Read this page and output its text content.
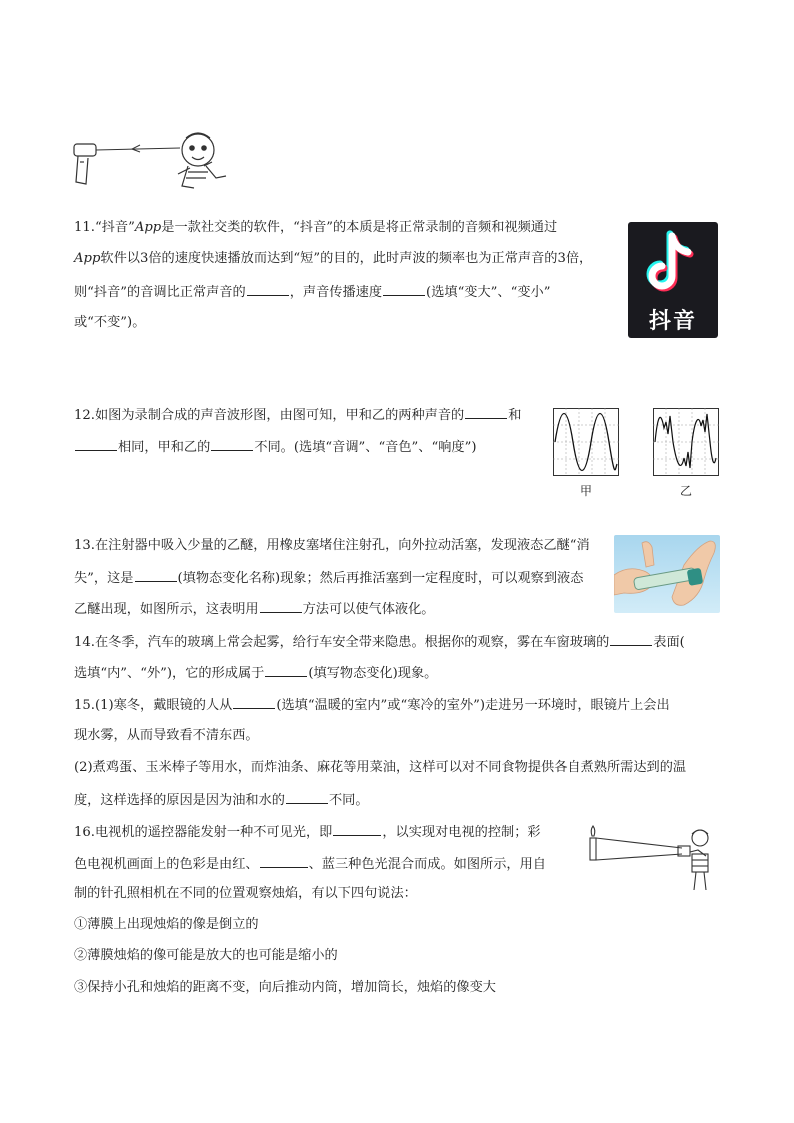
11.“抖音”App是一款社交类的软件，“抖音”的本质是将正常录制的音频和视频通过
App软件以3倍的速度快速播放而达到“短”的目的，此时声波的频率也为正常声音的3倍，
则“抖音”的音调比正常声音的	，声音传播速度	(选填“变大”、“变小”
或“不变”)。	抖音
12.如图为录制合成的声音波形图，由图可知，甲和乙的两种声音的	和
相同，甲和乙的	不同。(选填“音调”、“音色”、“响度”)
甲	乙
13.在注射器中吸入少量的乙醚，用橡皮塞堵住注射孔，向外拉动活塞，发现液态乙醚“消
失”，这是	(填物态变化名称)现象；然后再推活塞到一定程度时，可以观察到液态
乙醚出现，如图所示，这表明用	方法可以使气体液化。
14.在冬季，汽车的玻璃上常会起雾，给行车安全带来隐患。根据你的观察，雾在车窗玻璃的	表面(
选填“内”、“外”)，它的形成属于	(填写物态变化)现象。
15.(1)寒冬，戴眼镜的人从	(选填“温暖的室内”或“寒冷的室外”)走进另一环境时，眼镜片上会出
现水雾，从而导致看不清东西。
(2)煮鸡蛋、玉米棒子等用水，而炸油条、麻花等用菜油，这样可以对不同食物提供各自煮熟所需达到的温
度，这样选择的原因是因为油和水的	不同。
16.电视机的遥控器能发射一种不可见光，即	，以实现对电视的控制；彩
色电视机画面上的色彩是由红、	、蓝三种色光混合而成。如图所示，用自
制的针孔照相机在不同的位置观察烛焰，有以下四句说法：
①薄膜上出现烛焰的像是倒立的
②薄膜烛焰的像可能是放大的也可能是缩小的
③保持小孔和烛焰的距离不变，向后推动内筒，增加筒长，烛焰的像变大
